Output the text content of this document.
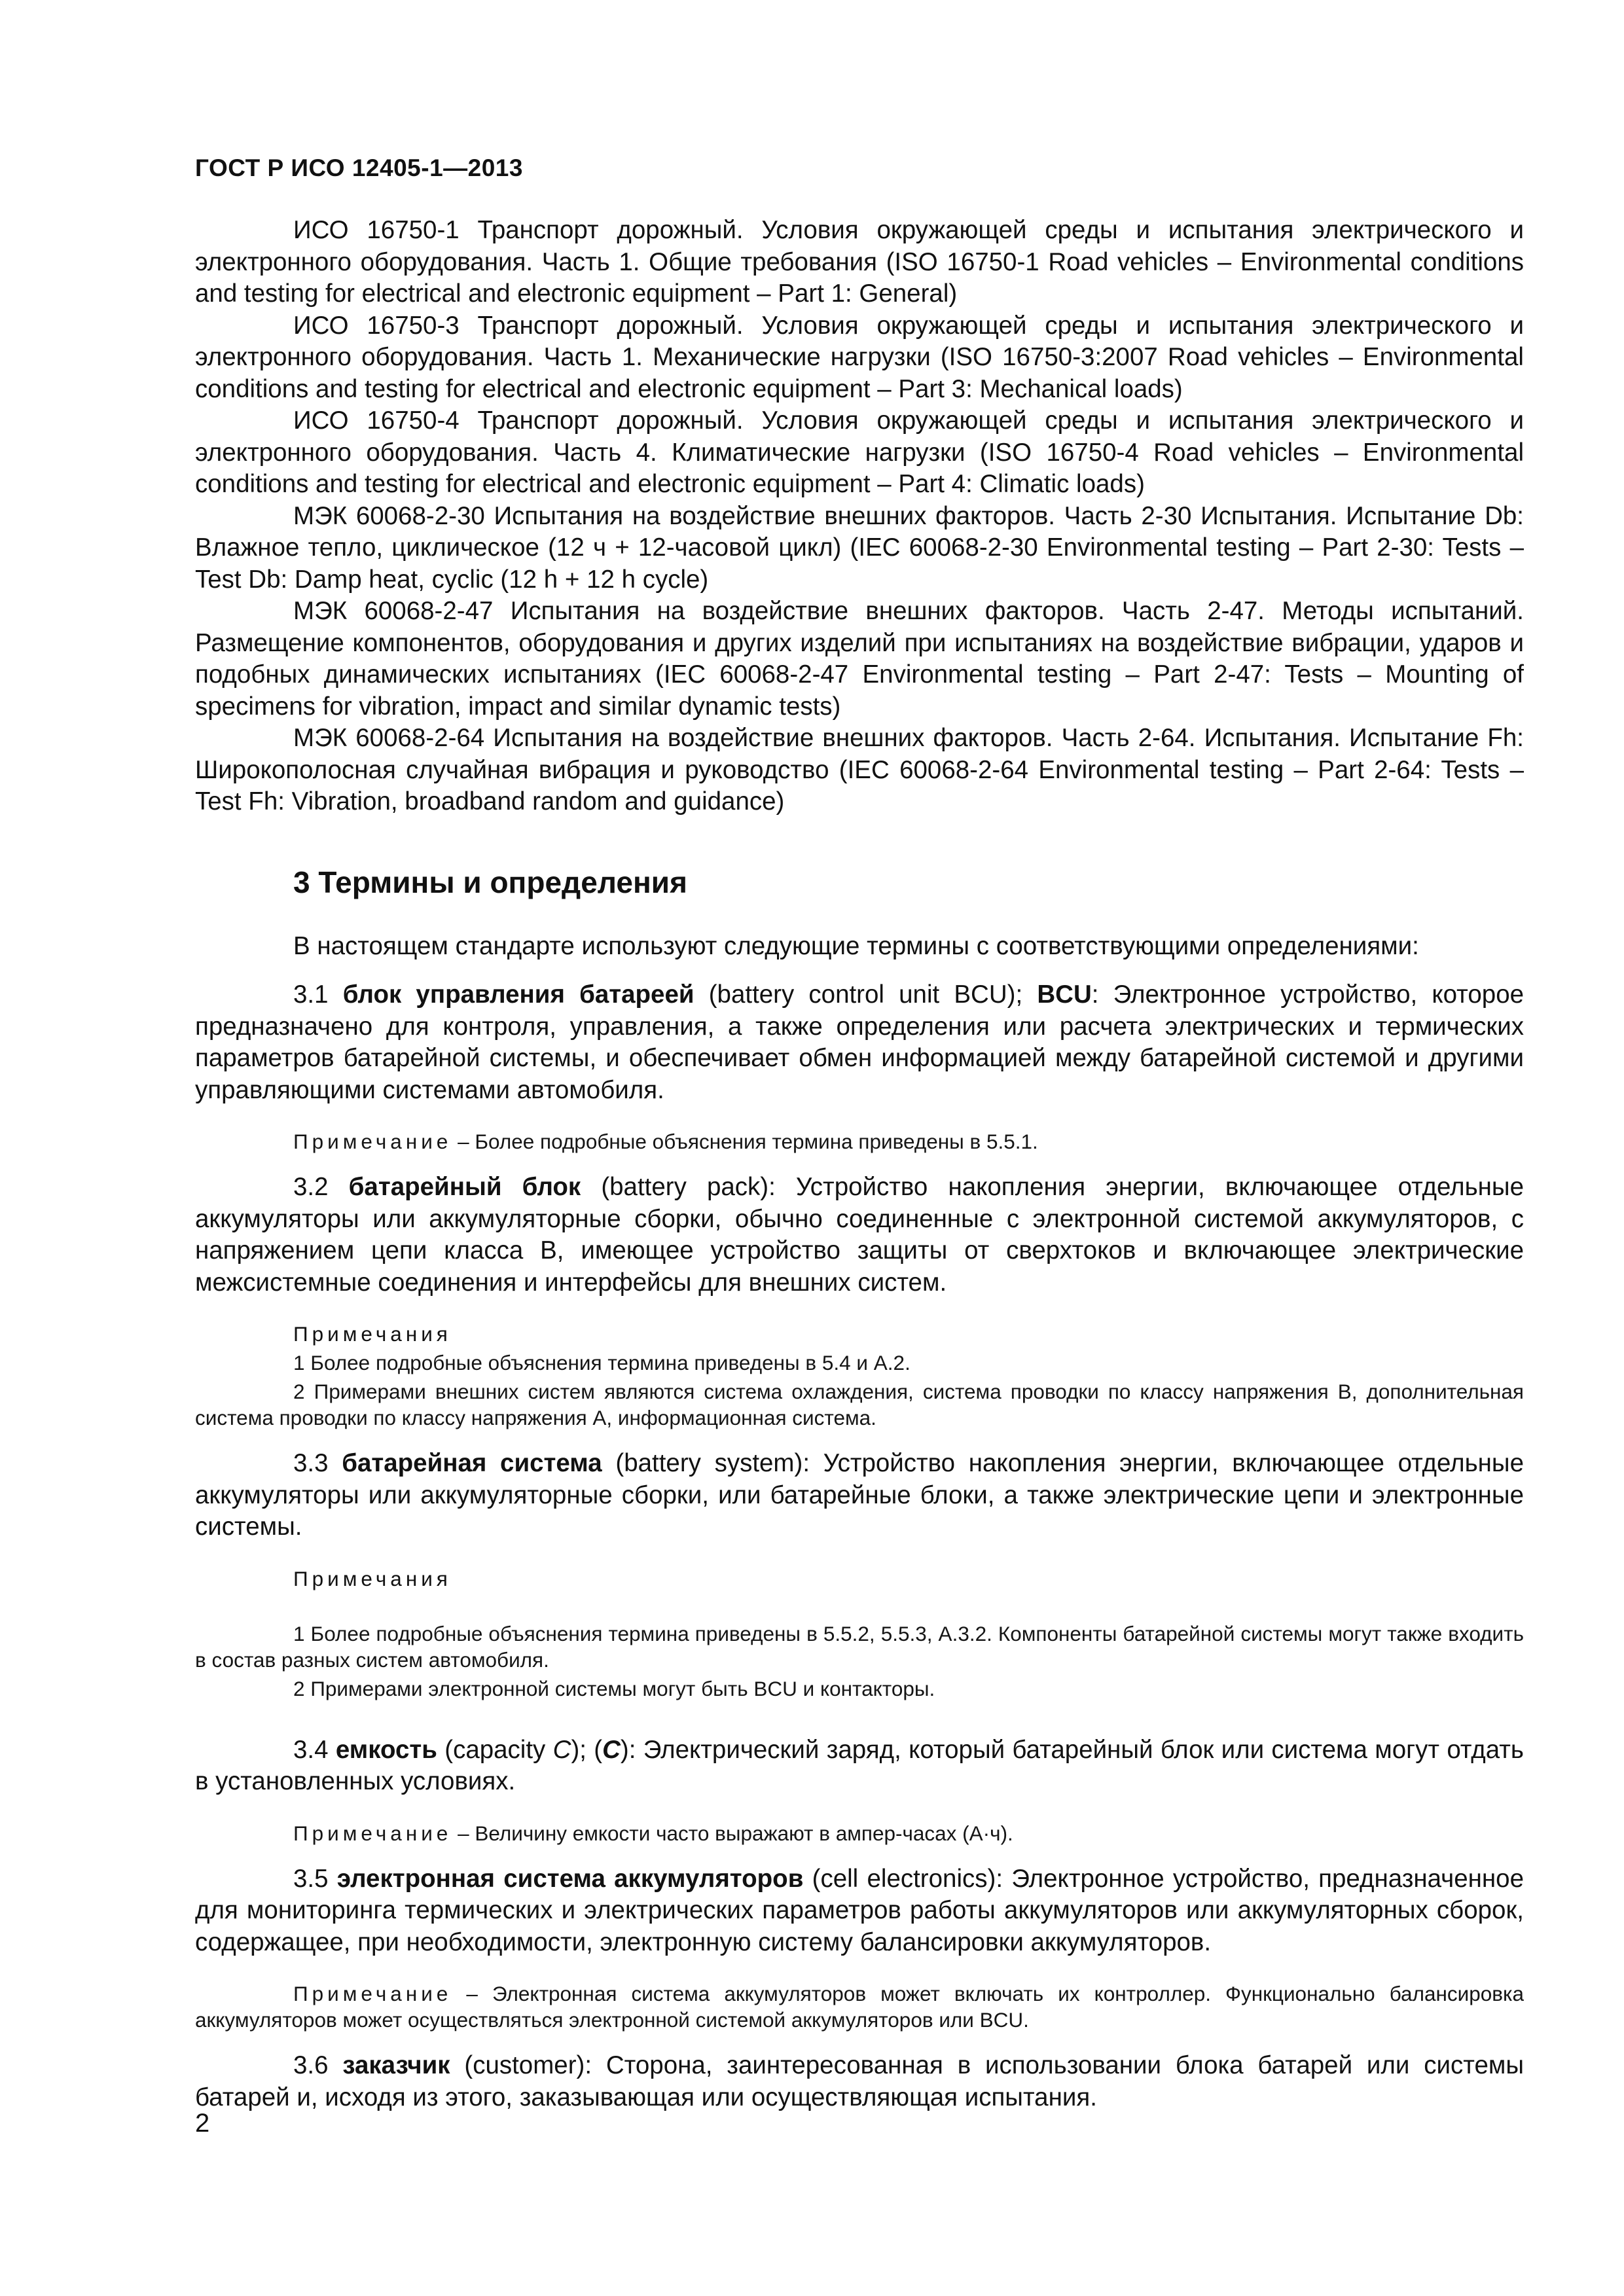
ГОСТ Р ИСО 12405-1—2013

ИСО 16750-1 Транспорт дорожный. Условия окружающей среды и испытания электрического и электронного оборудования. Часть 1. Общие требования (ISO 16750-1 Road vehicles – Environmental conditions and testing for electrical and electronic equipment – Part 1: General)

ИСО 16750-3 Транспорт дорожный. Условия окружающей среды и испытания электрического и электронного оборудования. Часть 1. Механические нагрузки (ISO 16750-3:2007 Road vehicles – Environmental conditions and testing for electrical and electronic equipment – Part 3: Mechanical loads)

ИСО 16750-4 Транспорт дорожный. Условия окружающей среды и испытания электрического и электронного оборудования. Часть 4. Климатические нагрузки (ISO 16750-4 Road vehicles – Environmental conditions and testing for electrical and electronic equipment – Part 4: Climatic loads)

МЭК 60068-2-30 Испытания на воздействие внешних факторов. Часть 2-30 Испытания. Испытание Db: Влажное тепло, циклическое (12 ч + 12-часовой цикл) (IEC 60068-2-30 Environmental testing – Part 2-30: Tests – Test Db: Damp heat, cyclic (12 h + 12 h cycle)

МЭК 60068-2-47 Испытания на воздействие внешних факторов. Часть 2-47. Методы испытаний. Размещение компонентов, оборудования и других изделий при испытаниях на воздействие вибрации, ударов и подобных динамических испытаниях (IEC 60068-2-47 Environmental testing – Part 2-47: Tests – Mounting of specimens for vibration, impact and similar dynamic tests)

МЭК 60068-2-64 Испытания на воздействие внешних факторов. Часть 2-64. Испытания. Испытание Fh: Широкополосная случайная вибрация и руководство (IEC 60068-2-64 Environmental testing – Part 2-64: Tests – Test Fh: Vibration, broadband random and guidance)

3 Термины и определения

В настоящем стандарте используют следующие термины с соответствующими определениями:

3.1 блок управления батареей (battery control unit BCU); BCU: Электронное устройство, которое предназначено для контроля, управления, а также определения или расчета электрических и термических параметров батарейной системы, и обеспечивает обмен информацией между батарейной системой и другими управляющими системами автомобиля.

Примечание – Более подробные объяснения термина приведены в 5.5.1.

3.2 батарейный блок (battery pack): Устройство накопления энергии, включающее отдельные аккумуляторы или аккумуляторные сборки, обычно соединенные с электронной системой аккумуляторов, с напряжением цепи класса В, имеющее устройство защиты от сверхтоков и включающее электрические межсистемные соединения и интерфейсы для внешних систем.

Примечания

1 Более подробные объяснения термина приведены в 5.4 и А.2.

2 Примерами внешних систем являются система охлаждения, система проводки по классу напряжения В, дополнительная система проводки по классу напряжения А, информационная система.

3.3 батарейная система (battery system): Устройство накопления энергии, включающее отдельные аккумуляторы или аккумуляторные сборки, или батарейные блоки, а также электрические цепи и электронные системы.

Примечания

1 Более подробные объяснения термина приведены в 5.5.2, 5.5.3, А.3.2. Компоненты батарейной системы могут также входить в состав разных систем автомобиля.

2 Примерами электронной системы могут быть BCU и контакторы.

3.4 емкость (capacity C); (C): Электрический заряд, который батарейный блок или система могут отдать в установленных условиях.

Примечание – Величину емкости часто выражают в ампер-часах (А·ч).

3.5 электронная система аккумуляторов (cell electronics): Электронное устройство, предназначенное для мониторинга термических и электрических параметров работы аккумуляторов или аккумуляторных сборок, содержащее, при необходимости, электронную систему балансировки аккумуляторов.

Примечание – Электронная система аккумуляторов может включать их контроллер. Функционально балансировка аккумуляторов может осуществляться электронной системой аккумуляторов или BCU.

3.6 заказчик (customer): Сторона, заинтересованная в использовании блока батарей или системы батарей и, исходя из этого, заказывающая или осуществляющая испытания.

2
